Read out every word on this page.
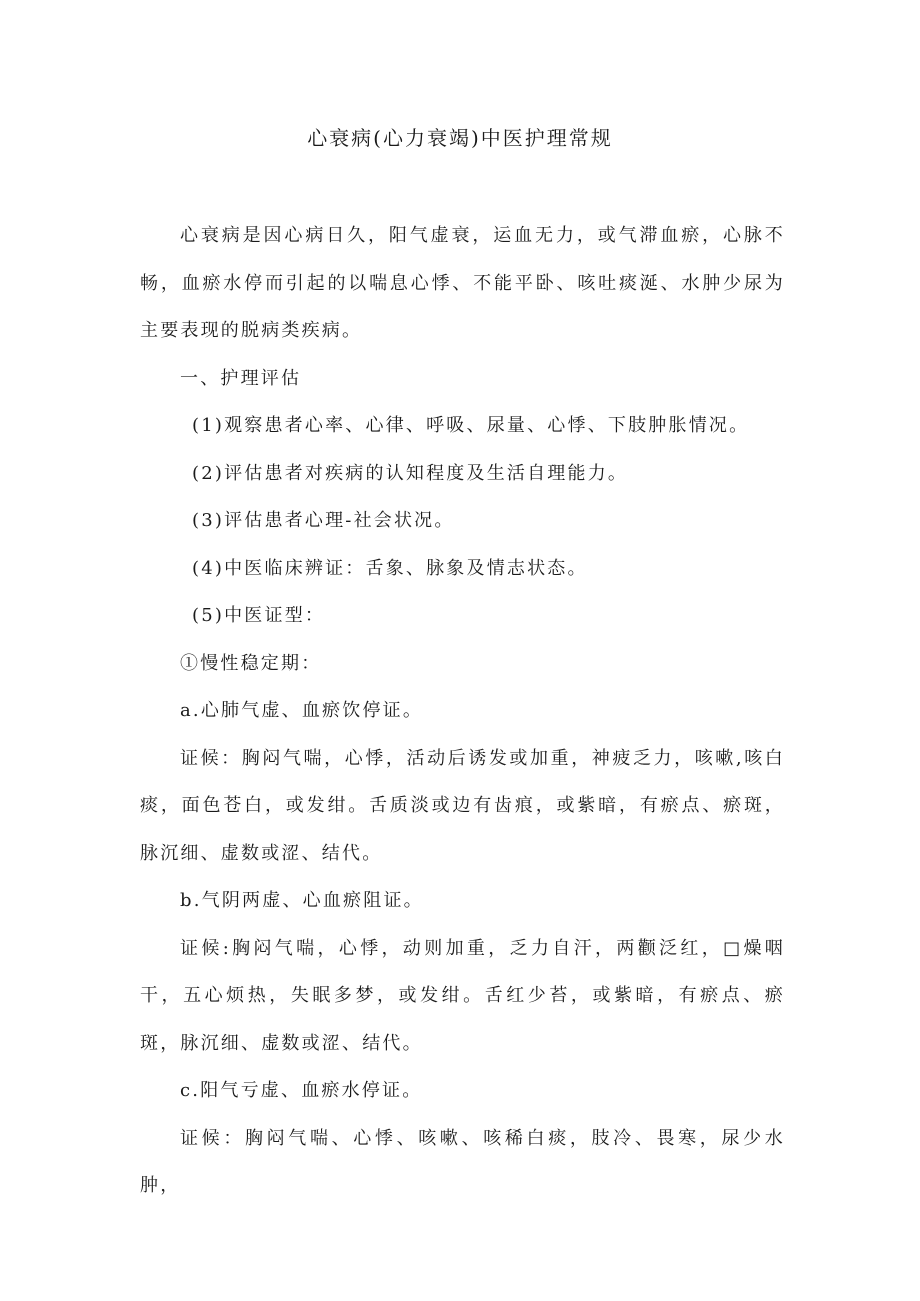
心衰病(心力衰竭)中医护理常规

心衰病是因心病日久，阳气虚衰，运血无力，或气滞血瘀，心脉不畅，血瘀水停而引起的以喘息心悸、不能平卧、咳吐痰涎、水肿少尿为主要表现的脱病类疾病。

一、护理评估

(1)观察患者心率、心律、呼吸、尿量、心悸、下肢肿胀情况。

(2)评估患者对疾病的认知程度及生活自理能力。

(3)评估患者心理-社会状况。

(4)中医临床辨证：舌象、脉象及情志状态。

(5)中医证型：

①慢性稳定期：

a.心肺气虚、血瘀饮停证。

证候：胸闷气喘，心悸，活动后诱发或加重，神疲乏力，咳嗽,咳白痰，面色苍白，或发绀。舌质淡或边有齿痕，或紫暗，有瘀点、瘀斑，脉沉细、虚数或涩、结代。

b.气阴两虚、心血瘀阻证。

证候:胸闷气喘，心悸，动则加重，乏力自汗，两颧泛红，□燥咽干，五心烦热，失眠多梦，或发绀。舌红少苔，或紫暗，有瘀点、瘀斑，脉沉细、虚数或涩、结代。

c.阳气亏虚、血瘀水停证。

证候：胸闷气喘、心悸、咳嗽、咳稀白痰，肢冷、畏寒，尿少水肿，
